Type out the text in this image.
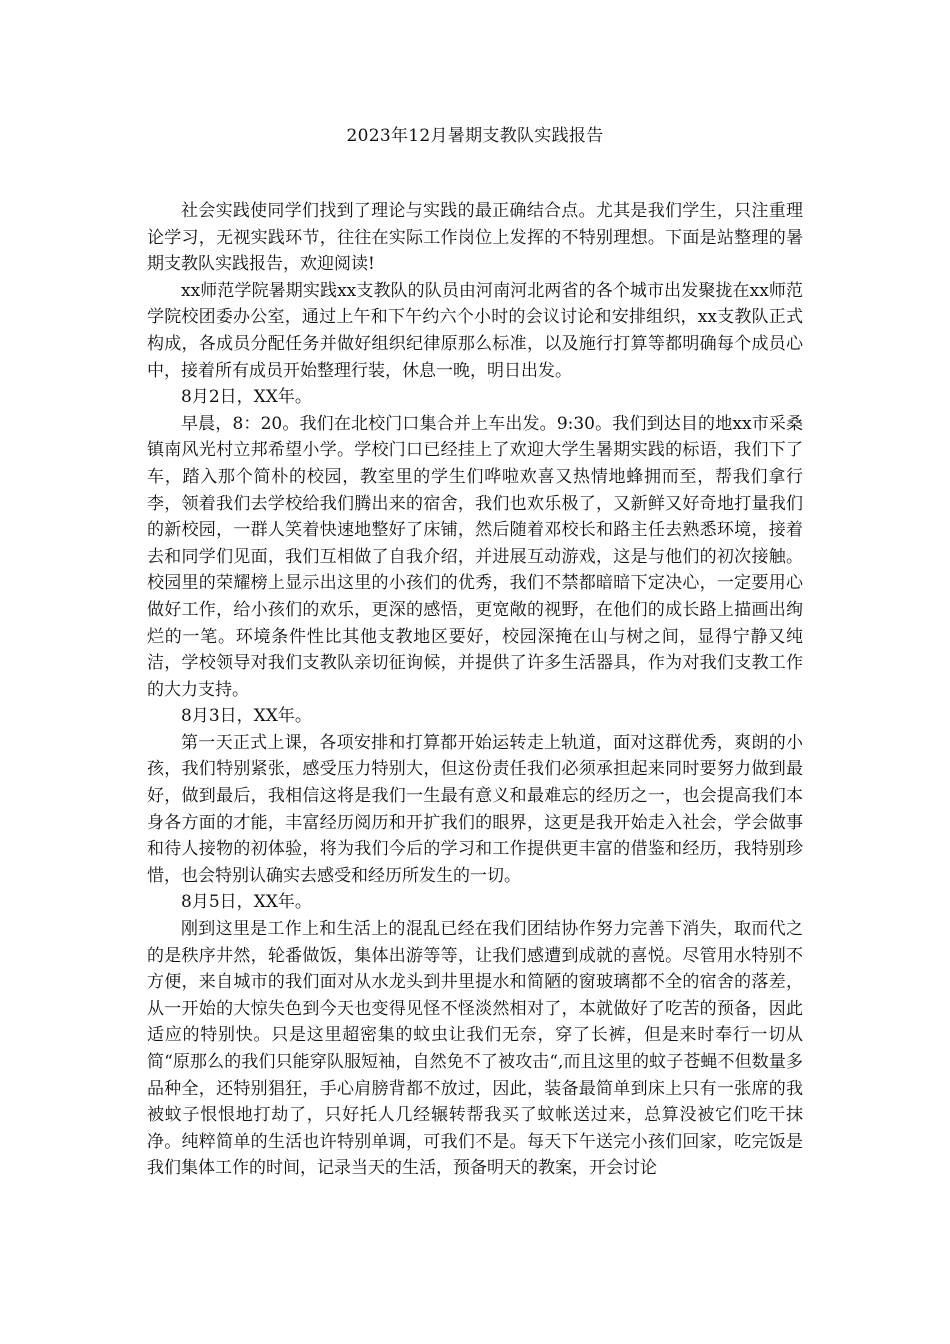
2023年12月暑期支教队实践报告

社会实践使同学们找到了理论与实践的最正确结合点。尤其是我们学生，只注重理论学习，无视实践环节，往往在实际工作岗位上发挥的不特别理想。下面是站整理的暑期支教队实践报告，欢迎阅读!

xx师范学院暑期实践xx支教队的队员由河南河北两省的各个城市出发聚拢在xx师范学院校团委办公室，通过上午和下午约六个小时的会议讨论和安排组织，xx支教队正式构成，各成员分配任务并做好组织纪律原那么标准，以及施行打算等都明确每个成员心中，接着所有成员开始整理行装，休息一晚，明日出发。

8月2日，XX年。

早晨，8：20。我们在北校门口集合并上车出发。9:30。我们到达目的地xx市采桑镇南风光村立邦希望小学。学校门口已经挂上了欢迎大学生暑期实践的标语，我们下了车，踏入那个简朴的校园，教室里的学生们哗啦欢喜又热情地蜂拥而至，帮我们拿行李，领着我们去学校给我们腾出来的宿舍，我们也欢乐极了，又新鲜又好奇地打量我们的新校园，一群人笑着快速地整好了床铺，然后随着邓校长和路主任去熟悉环境，接着去和同学们见面，我们互相做了自我介绍，并进展互动游戏，这是与他们的初次接触。校园里的荣耀榜上显示出这里的小孩们的优秀，我们不禁都暗暗下定决心，一定要用心做好工作，给小孩们的欢乐，更深的感悟，更宽敞的视野，在他们的成长路上描画出绚烂的一笔。环境条件性比其他支教地区要好，校园深掩在山与树之间，显得宁静又纯洁，学校领导对我们支教队亲切征询候，并提供了许多生活器具，作为对我们支教工作的大力支持。

8月3日，XX年。

第一天正式上课，各项安排和打算都开始运转走上轨道，面对这群优秀，爽朗的小孩，我们特别紧张，感受压力特别大，但这份责任我们必须承担起来同时要努力做到最好，做到最后，我相信这将是我们一生最有意义和最难忘的经历之一，也会提高我们本身各方面的才能，丰富经历阅历和开扩我们的眼界，这更是我开始走入社会，学会做事和待人接物的初体验，将为我们今后的学习和工作提供更丰富的借鉴和经历，我特别珍惜，也会特别认确实去感受和经历所发生的一切。

8月5日，XX年。

刚到这里是工作上和生活上的混乱已经在我们团结协作努力完善下消失，取而代之的是秩序井然，轮番做饭，集体出游等等，让我们感遭到成就的喜悦。尽管用水特别不方便，来自城市的我们面对从水龙头到井里提水和简陋的窗玻璃都不全的宿舍的落差，从一开始的大惊失色到今天也变得见怪不怪淡然相对了，本就做好了吃苦的预备，因此适应的特别快。只是这里超密集的蚊虫让我们无奈，穿了长裤，但是来时奉行一切从简“原那么的我们只能穿队服短袖，自然免不了被攻击“,而且这里的蚊子苍蝇不但数量多品种全，还特别猖狂，手心肩膀背都不放过，因此，装备最简单到床上只有一张席的我被蚊子恨恨地打劫了，只好托人几经辗转帮我买了蚊帐送过来，总算没被它们吃干抹净。纯粹简单的生活也许特别单调，可我们不是。每天下午送完小孩们回家，吃完饭是我们集体工作的时间，记录当天的生活，预备明天的教案，开会讨论
